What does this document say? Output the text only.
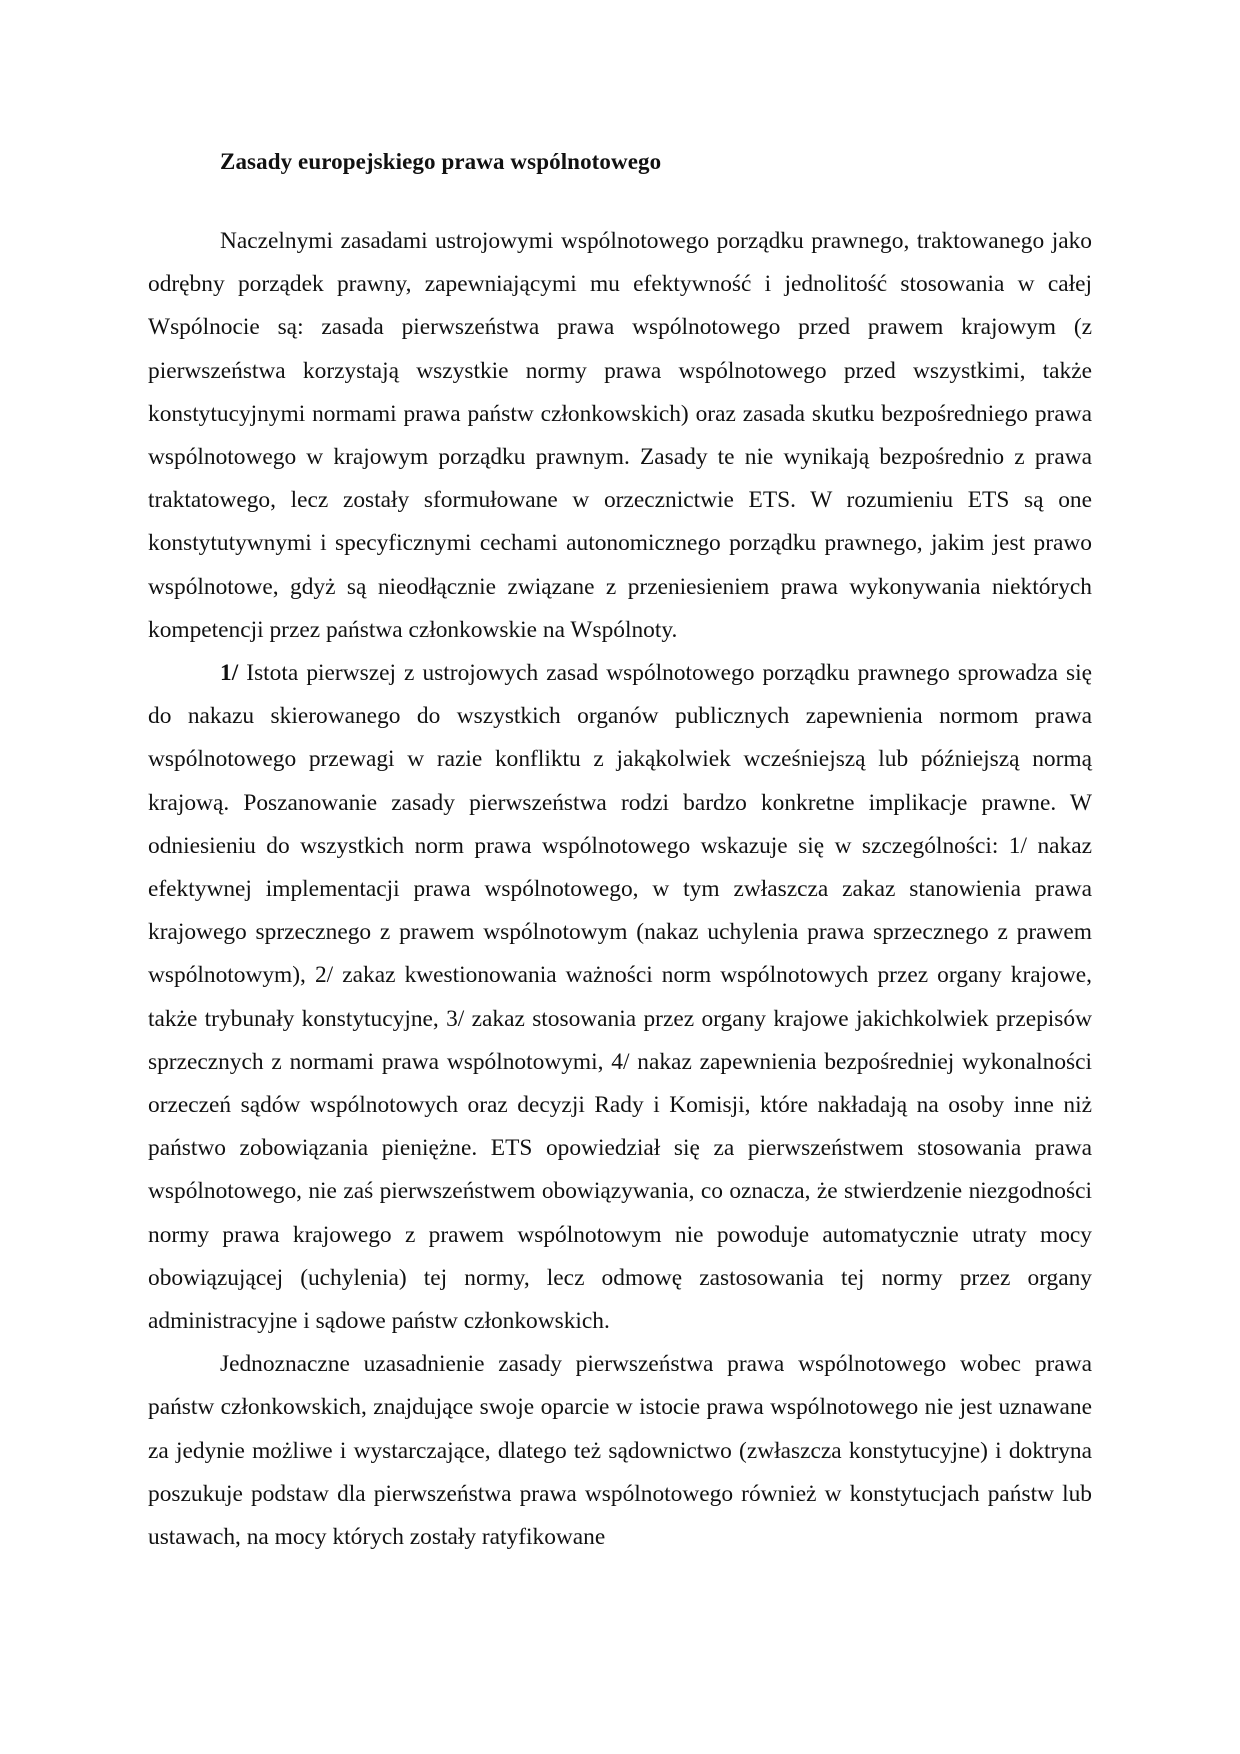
Zasady europejskiego prawa wspólnotowego

Naczelnymi zasadami ustrojowymi wspólnotowego porządku prawnego, traktowanego jako odrębny porządek prawny, zapewniającymi mu efektywność i jednolitość stosowania w całej Wspólnocie są: zasada pierwszeństwa prawa wspólnotowego przed prawem krajowym (z pierwszeństwa korzystają wszystkie normy prawa wspólnotowego przed wszystkimi, także konstytucyjnymi normami prawa państw członkowskich) oraz zasada skutku bezpośredniego prawa wspólnotowego w krajowym porządku prawnym. Zasady te nie wynikają bezpośrednio z prawa traktatowego, lecz zostały sformułowane w orzecznictwie ETS. W rozumieniu ETS są one konstytutywnymi i specyficznymi cechami autonomicznego porządku prawnego, jakim jest prawo wspólnotowe, gdyż są nieodłącznie związane z przeniesieniem prawa wykonywania niektórych kompetencji przez państwa członkowskie na Wspólnoty.

1/ Istota pierwszej z ustrojowych zasad wspólnotowego porządku prawnego sprowadza się do nakazu skierowanego do wszystkich organów publicznych zapewnienia normom prawa wspólnotowego przewagi w razie konfliktu z jakąkolwiek wcześniejszą lub późniejszą normą krajową. Poszanowanie zasady pierwszeństwa rodzi bardzo konkretne implikacje prawne. W odniesieniu do wszystkich norm prawa wspólnotowego wskazuje się w szczególności: 1/ nakaz efektywnej implementacji prawa wspólnotowego, w tym zwłaszcza zakaz stanowienia prawa krajowego sprzecznego z prawem wspólnotowym (nakaz uchylenia prawa sprzecznego z prawem wspólnotowym), 2/ zakaz kwestionowania ważności norm wspólnotowych przez organy krajowe, także trybunały konstytucyjne, 3/ zakaz stosowania przez organy krajowe jakichkolwiek przepisów sprzecznych z normami prawa wspólnotowymi, 4/ nakaz zapewnienia bezpośredniej wykonalności orzeczeń sądów wspólnotowych oraz decyzji Rady i Komisji, które nakładają na osoby inne niż państwo zobowiązania pieniężne. ETS opowiedział się za pierwszeństwem stosowania prawa wspólnotowego, nie zaś pierwszeństwem obowiązywania, co oznacza, że stwierdzenie niezgodności normy prawa krajowego z prawem wspólnotowym nie powoduje automatycznie utraty mocy obowiązującej (uchylenia) tej normy, lecz odmowę zastosowania tej normy przez organy administracyjne i sądowe państw członkowskich.

Jednoznaczne uzasadnienie zasady pierwszeństwa prawa wspólnotowego wobec prawa państw członkowskich, znajdujące swoje oparcie w istocie prawa wspólnotowego nie jest uznawane za jedynie możliwe i wystarczające, dlatego też sądownictwo (zwłaszcza konstytucyjne) i doktryna poszukuje podstaw dla pierwszeństwa prawa wspólnotowego również w konstytucjach państw lub ustawach, na mocy których zostały ratyfikowane
